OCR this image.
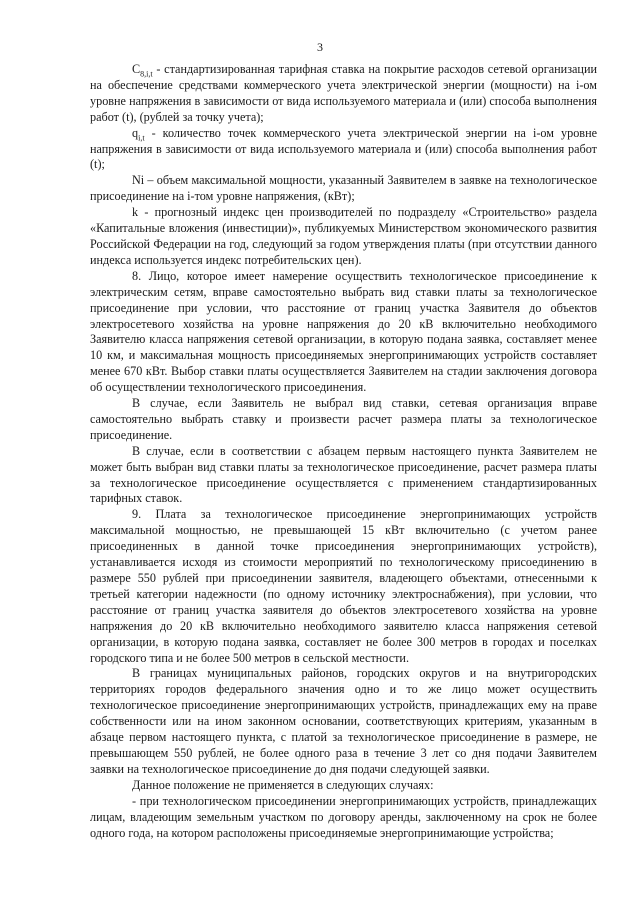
3

$C_{8,i,t}$ - стандартизированная тарифная ставка на покрытие расходов сетевой организации на обеспечение средствами коммерческого учета электрической энергии (мощности) на i-ом уровне напряжения в зависимости от вида используемого материала и (или) способа выполнения работ (t), (рублей за точку учета);

$q_{i,t}$ - количество точек коммерческого учета электрической энергии на i-ом уровне напряжения в зависимости от вида используемого материала и (или) способа выполнения работ (t);

Ni – объем максимальной мощности, указанный Заявителем в заявке на технологическое присоединение на i-том уровне напряжения, (кВт);

k - прогнозный индекс цен производителей по подразделу «Строительство» раздела «Капитальные вложения (инвестиции)», публикуемых Министерством экономического развития Российской Федерации на год, следующий за годом утверждения платы (при отсутствии данного индекса используется индекс потребительских цен).

8. Лицо, которое имеет намерение осуществить технологическое присоединение к электрическим сетям, вправе самостоятельно выбрать вид ставки платы за технологическое присоединение при условии, что расстояние от границ участка Заявителя до объектов электросетевого хозяйства на уровне напряжения до 20 кВ включительно необходимого Заявителю класса напряжения сетевой организации, в которую подана заявка, составляет менее 10 км, и максимальная мощность присоединяемых энергопринимающих устройств составляет менее 670 кВт. Выбор ставки платы осуществляется Заявителем на стадии заключения договора об осуществлении технологического присоединения.

В случае, если Заявитель не выбрал вид ставки, сетевая организация вправе самостоятельно выбрать ставку и произвести расчет размера платы за технологическое присоединение.

В случае, если в соответствии с абзацем первым настоящего пункта Заявителем не может быть выбран вид ставки платы за технологическое присоединение, расчет размера платы за технологическое присоединение осуществляется с применением стандартизированных тарифных ставок.

9. Плата за технологическое присоединение энергопринимающих устройств максимальной мощностью, не превышающей 15 кВт включительно (с учетом ранее присоединенных в данной точке присоединения энергопринимающих устройств), устанавливается исходя из стоимости мероприятий по технологическому присоединению в размере 550 рублей при присоединении заявителя, владеющего объектами, отнесенными к третьей категории надежности (по одному источнику электроснабжения), при условии, что расстояние от границ участка заявителя до объектов электросетевого хозяйства на уровне напряжения до 20 кВ включительно необходимого заявителю класса напряжения сетевой организации, в которую подана заявка, составляет не более 300 метров в городах и поселках городского типа и не более 500 метров в сельской местности.

В границах муниципальных районов, городских округов и на внутригородских территориях городов федерального значения одно и то же лицо может осуществить технологическое присоединение энергопринимающих устройств, принадлежащих ему на праве собственности или на ином законном основании, соответствующих критериям, указанным в абзаце первом настоящего пункта, с платой за технологическое присоединение в размере, не превышающем 550 рублей, не более одного раза в течение 3 лет со дня подачи Заявителем заявки на технологическое присоединение до дня подачи следующей заявки.

Данное положение не применяется в следующих случаях:

- при технологическом присоединении энергопринимающих устройств, принадлежащих лицам, владеющим земельным участком по договору аренды, заключенному на срок не более одного года, на котором расположены присоединяемые энергопринимающие устройства;
